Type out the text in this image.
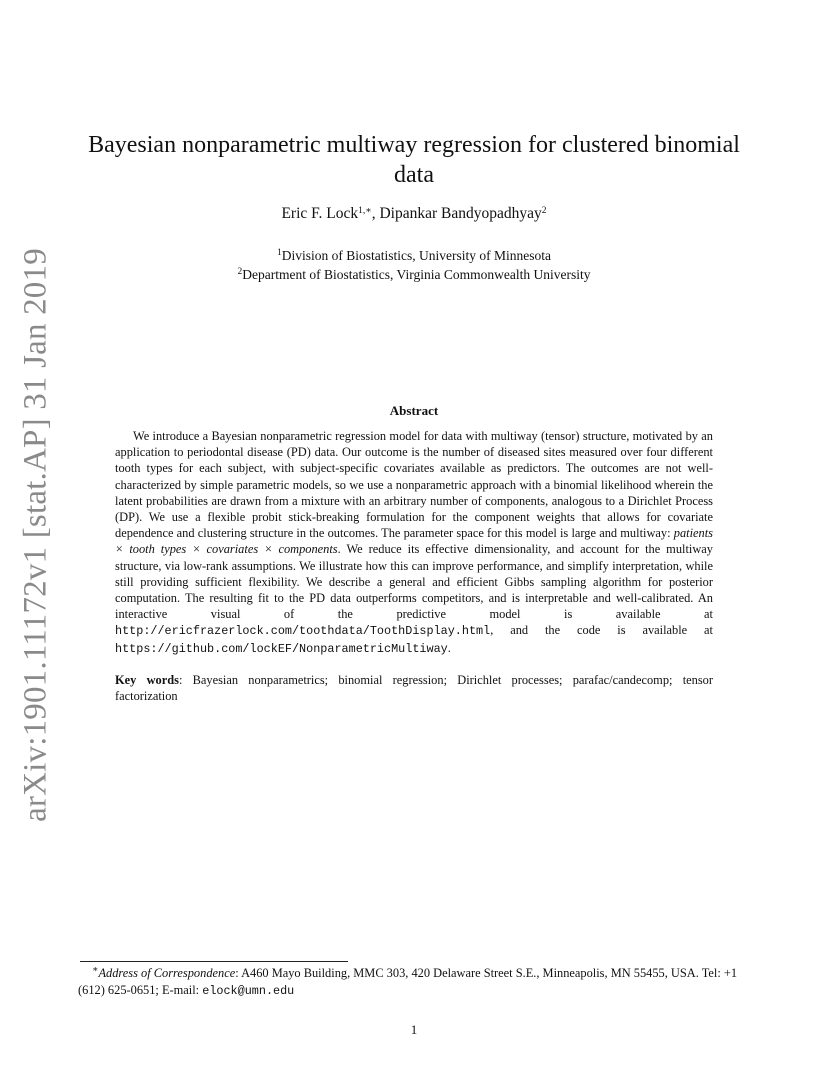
arXiv:1901.11172v1 [stat.AP] 31 Jan 2019
Bayesian nonparametric multiway regression for clustered binomial
data
Eric F. Lock$^{1,∗}$, Dipankar Bandyopadhyay$^2$
$^1$Division of Biostatistics, University of Minnesota
$^2$Department of Biostatistics, Virginia Commonwealth University
Abstract

We introduce a Bayesian nonparametric regression model for data with multiway (tensor) structure, motivated by an application to periodontal disease (PD) data. Our outcome is the number of diseased sites measured over four different tooth types for each subject, with subject-specific covariates available as predictors. The outcomes are not well-characterized by simple parametric models, so we use a nonparametric approach with a binomial likelihood wherein the latent probabilities are drawn from a mixture with an arbitrary number of components, analogous to a Dirichlet Process (DP). We use a flexible probit stick-breaking formulation for the component weights that allows for covariate dependence and clustering structure in the outcomes. The parameter space for this model is large and multiway: patients × tooth types × covariates × components. We reduce its effective dimensionality, and account for the multiway structure, via low-rank assumptions. We illustrate how this can improve performance, and simplify interpretation, while still providing sufficient flexibility. We describe a general and efficient Gibbs sampling algorithm for posterior computation. The resulting fit to the PD data outperforms competitors, and is interpretable and well-calibrated. An interactive visual of the predictive model is available at http://ericfrazerlock.com/toothdata/ToothDisplay.html, and the code is available at https://github.com/lockEF/NonparametricMultiway.

Key words: Bayesian nonparametrics; binomial regression; Dirichlet processes; parafac/candecomp; tensor factorization

∗Address of Correspondence: A460 Mayo Building, MMC 303, 420 Delaware Street S.E., Minneapolis, MN 55455, USA. Tel: +1 (612) 625-0651; E-mail: elock@umn.edu

1
